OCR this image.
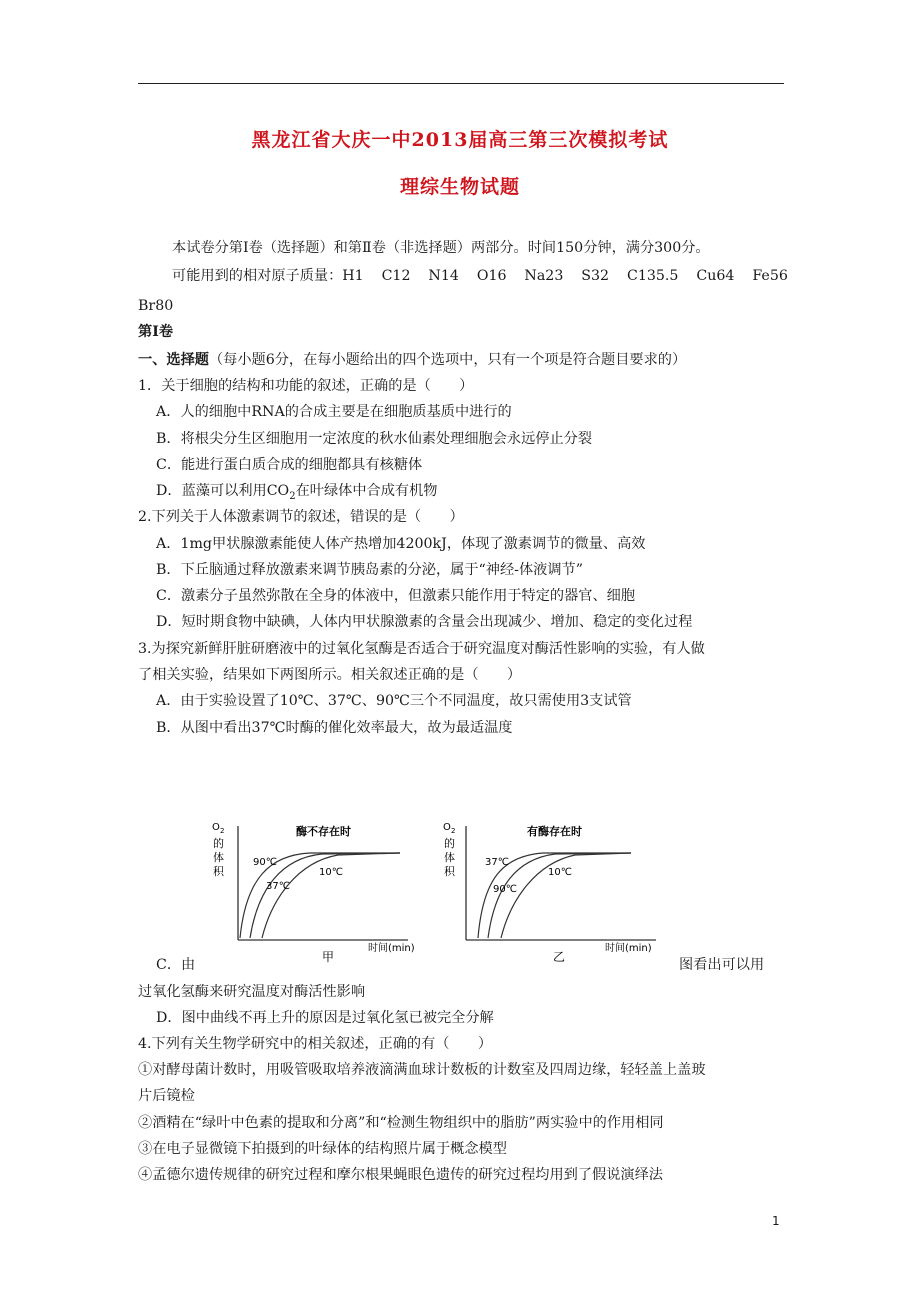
黑龙江省大庆一中2013届高三第三次模拟考试
理综生物试题
本试卷分第Ⅰ卷（选择题）和第Ⅱ卷（非选择题）两部分。时间150分钟，满分300分。
可能用到的相对原子质量：H1 C12 N14 O16 Na23 S32 C135.5 Cu64 Fe56
Br80
第Ⅰ卷
一、选择题（每小题6分，在每小题给出的四个选项中，只有一个项是符合题目要求的）
1．关于细胞的结构和功能的叙述，正确的是（　　）
A．人的细胞中RNA的合成主要是在细胞质基质中进行的
B．将根尖分生区细胞用一定浓度的秋水仙素处理细胞会永远停止分裂
C．能进行蛋白质合成的细胞都具有核糖体
D．蓝藻可以利用$CO_2$在叶绿体中合成有机物
2.下列关于人体激素调节的叙述，错误的是（　　）
A．1mg甲状腺激素能使人体产热增加4200kJ，体现了激素调节的微量、高效
B．下丘脑通过释放激素来调节胰岛素的分泌，属于“神经-体液调节”
C．激素分子虽然弥散在全身的体液中，但激素只能作用于特定的器官、细胞
D．短时期食物中缺碘，人体内甲状腺激素的含量会出现减少、增加、稳定的变化过程
3.为探究新鲜肝脏研磨液中的过氧化氢酶是否适合于研究温度对酶活性影响的实验，有人做
了相关实验，结果如下两图所示。相关叙述正确的是（　　）
A．由于实验设置了10℃、37℃、90℃三个不同温度，故只需使用3支试管
B．从图中看出37℃时酶的催化效率最大，故为最适温度
O 2
的
体
积
酶不存在时
90℃
37℃
10℃
时间(min)
甲
O 2
的
体
积
有酶存在时
37℃
90℃
10℃
时间(min)
乙
C．由	图看出可以用
过氧化氢酶来研究温度对酶活性影响
D．图中曲线不再上升的原因是过氧化氢已被完全分解
4.下列有关生物学研究中的相关叙述，正确的有（　　）
①对酵母菌计数时，用吸管吸取培养液滴满血球计数板的计数室及四周边缘，轻轻盖上盖玻
片后镜检
②酒精在“绿叶中色素的提取和分离”和“检测生物组织中的脂肪”两实验中的作用相同
③在电子显微镜下拍摄到的叶绿体的结构照片属于概念模型
④孟德尔遗传规律的研究过程和摩尔根果蝇眼色遗传的研究过程均用到了假说演绎法
1
